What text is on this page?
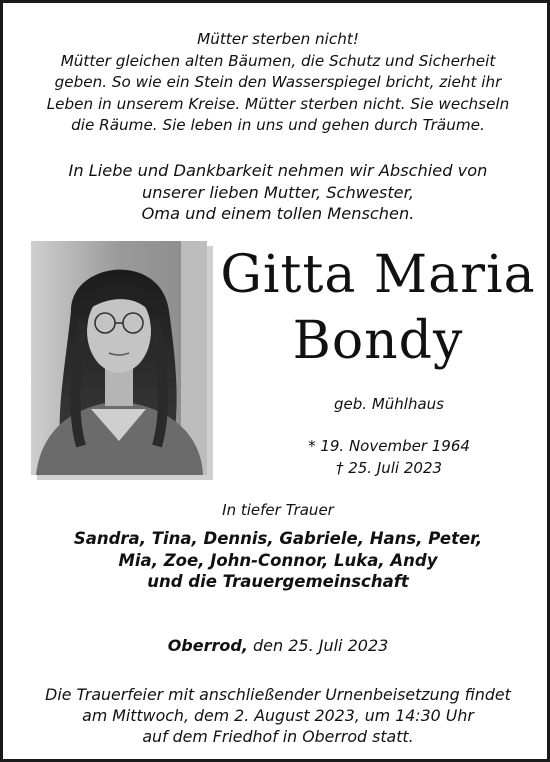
Mütter sterben nicht!
Mütter gleichen alten Bäumen, die Schutz und Sicherheit
geben. So wie ein Stein den Wasserspiegel bricht, zieht ihr
Leben in unserem Kreise. Mütter sterben nicht. Sie wechseln
die Räume. Sie leben in uns und gehen durch Träume.
In Liebe und Dankbarkeit nehmen wir Abschied von
unserer lieben Mutter, Schwester,
Oma und einem tollen Menschen.
Gitta Maria
Bondy
geb. Mühlhaus
* 19. November 1964
† 25. Juli 2023
In tiefer Trauer
Sandra, Tina, Dennis, Gabriele, Hans, Peter,
Mia, Zoe, John-Connor, Luka, Andy
und die Trauergemeinschaft
Oberrod, den 25. Juli 2023
Die Trauerfeier mit anschließender Urnenbeisetzung findet
am Mittwoch, dem 2. August 2023, um 14:30 Uhr
auf dem Friedhof in Oberrod statt.
